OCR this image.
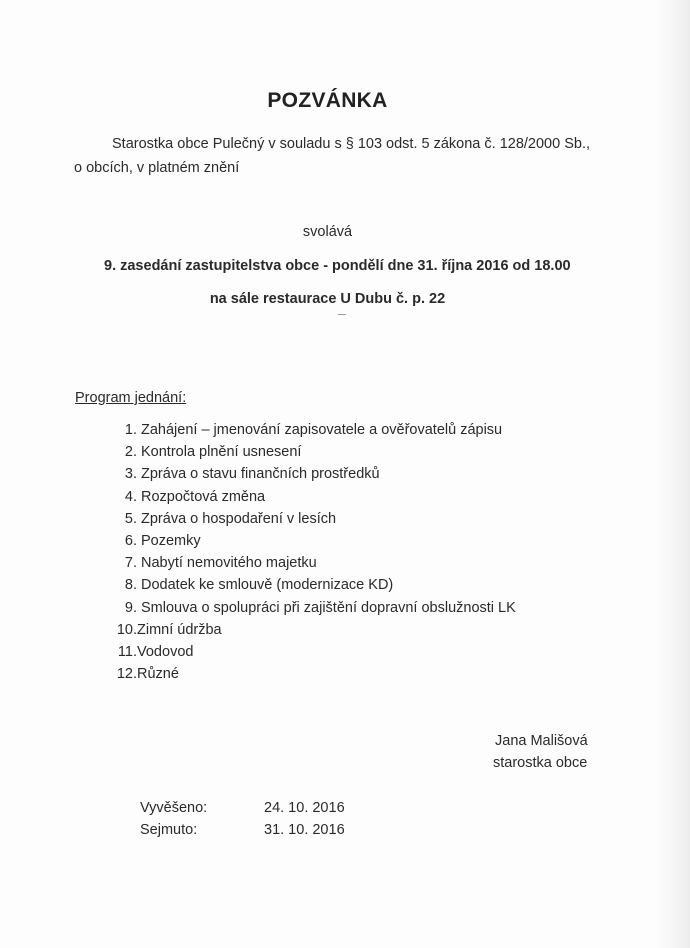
POZVÁNKA
Starostka obce Pulečný v souladu s § 103 odst. 5 zákona č. 128/2000 Sb.,
o obcích, v platném znění
svolává
9. zasedání zastupitelstva obce - pondělí dne 31. října 2016 od 18.00
na sále restaurace U Dubu č. p. 22
Program jednání:
1. Zahájení – jmenování zapisovatele a ověřovatelů zápisu
2. Kontrola plnění usnesení
3. Zpráva o stavu finančních prostředků
4. Rozpočtová změna
5. Zpráva o hospodaření v lesích
6. Pozemky
7. Nabytí nemovitého majetku
8. Dodatek ke smlouvě (modernizace KD)
9. Smlouva o spolupráci při zajištění dopravní obslužnosti LK
10. Zimní údržba
11. Vodovod
12. Různé
Jana Mališová
starostka obce
Vyvěšeno:	24. 10. 2016
Sejmuto:	31. 10. 2016
